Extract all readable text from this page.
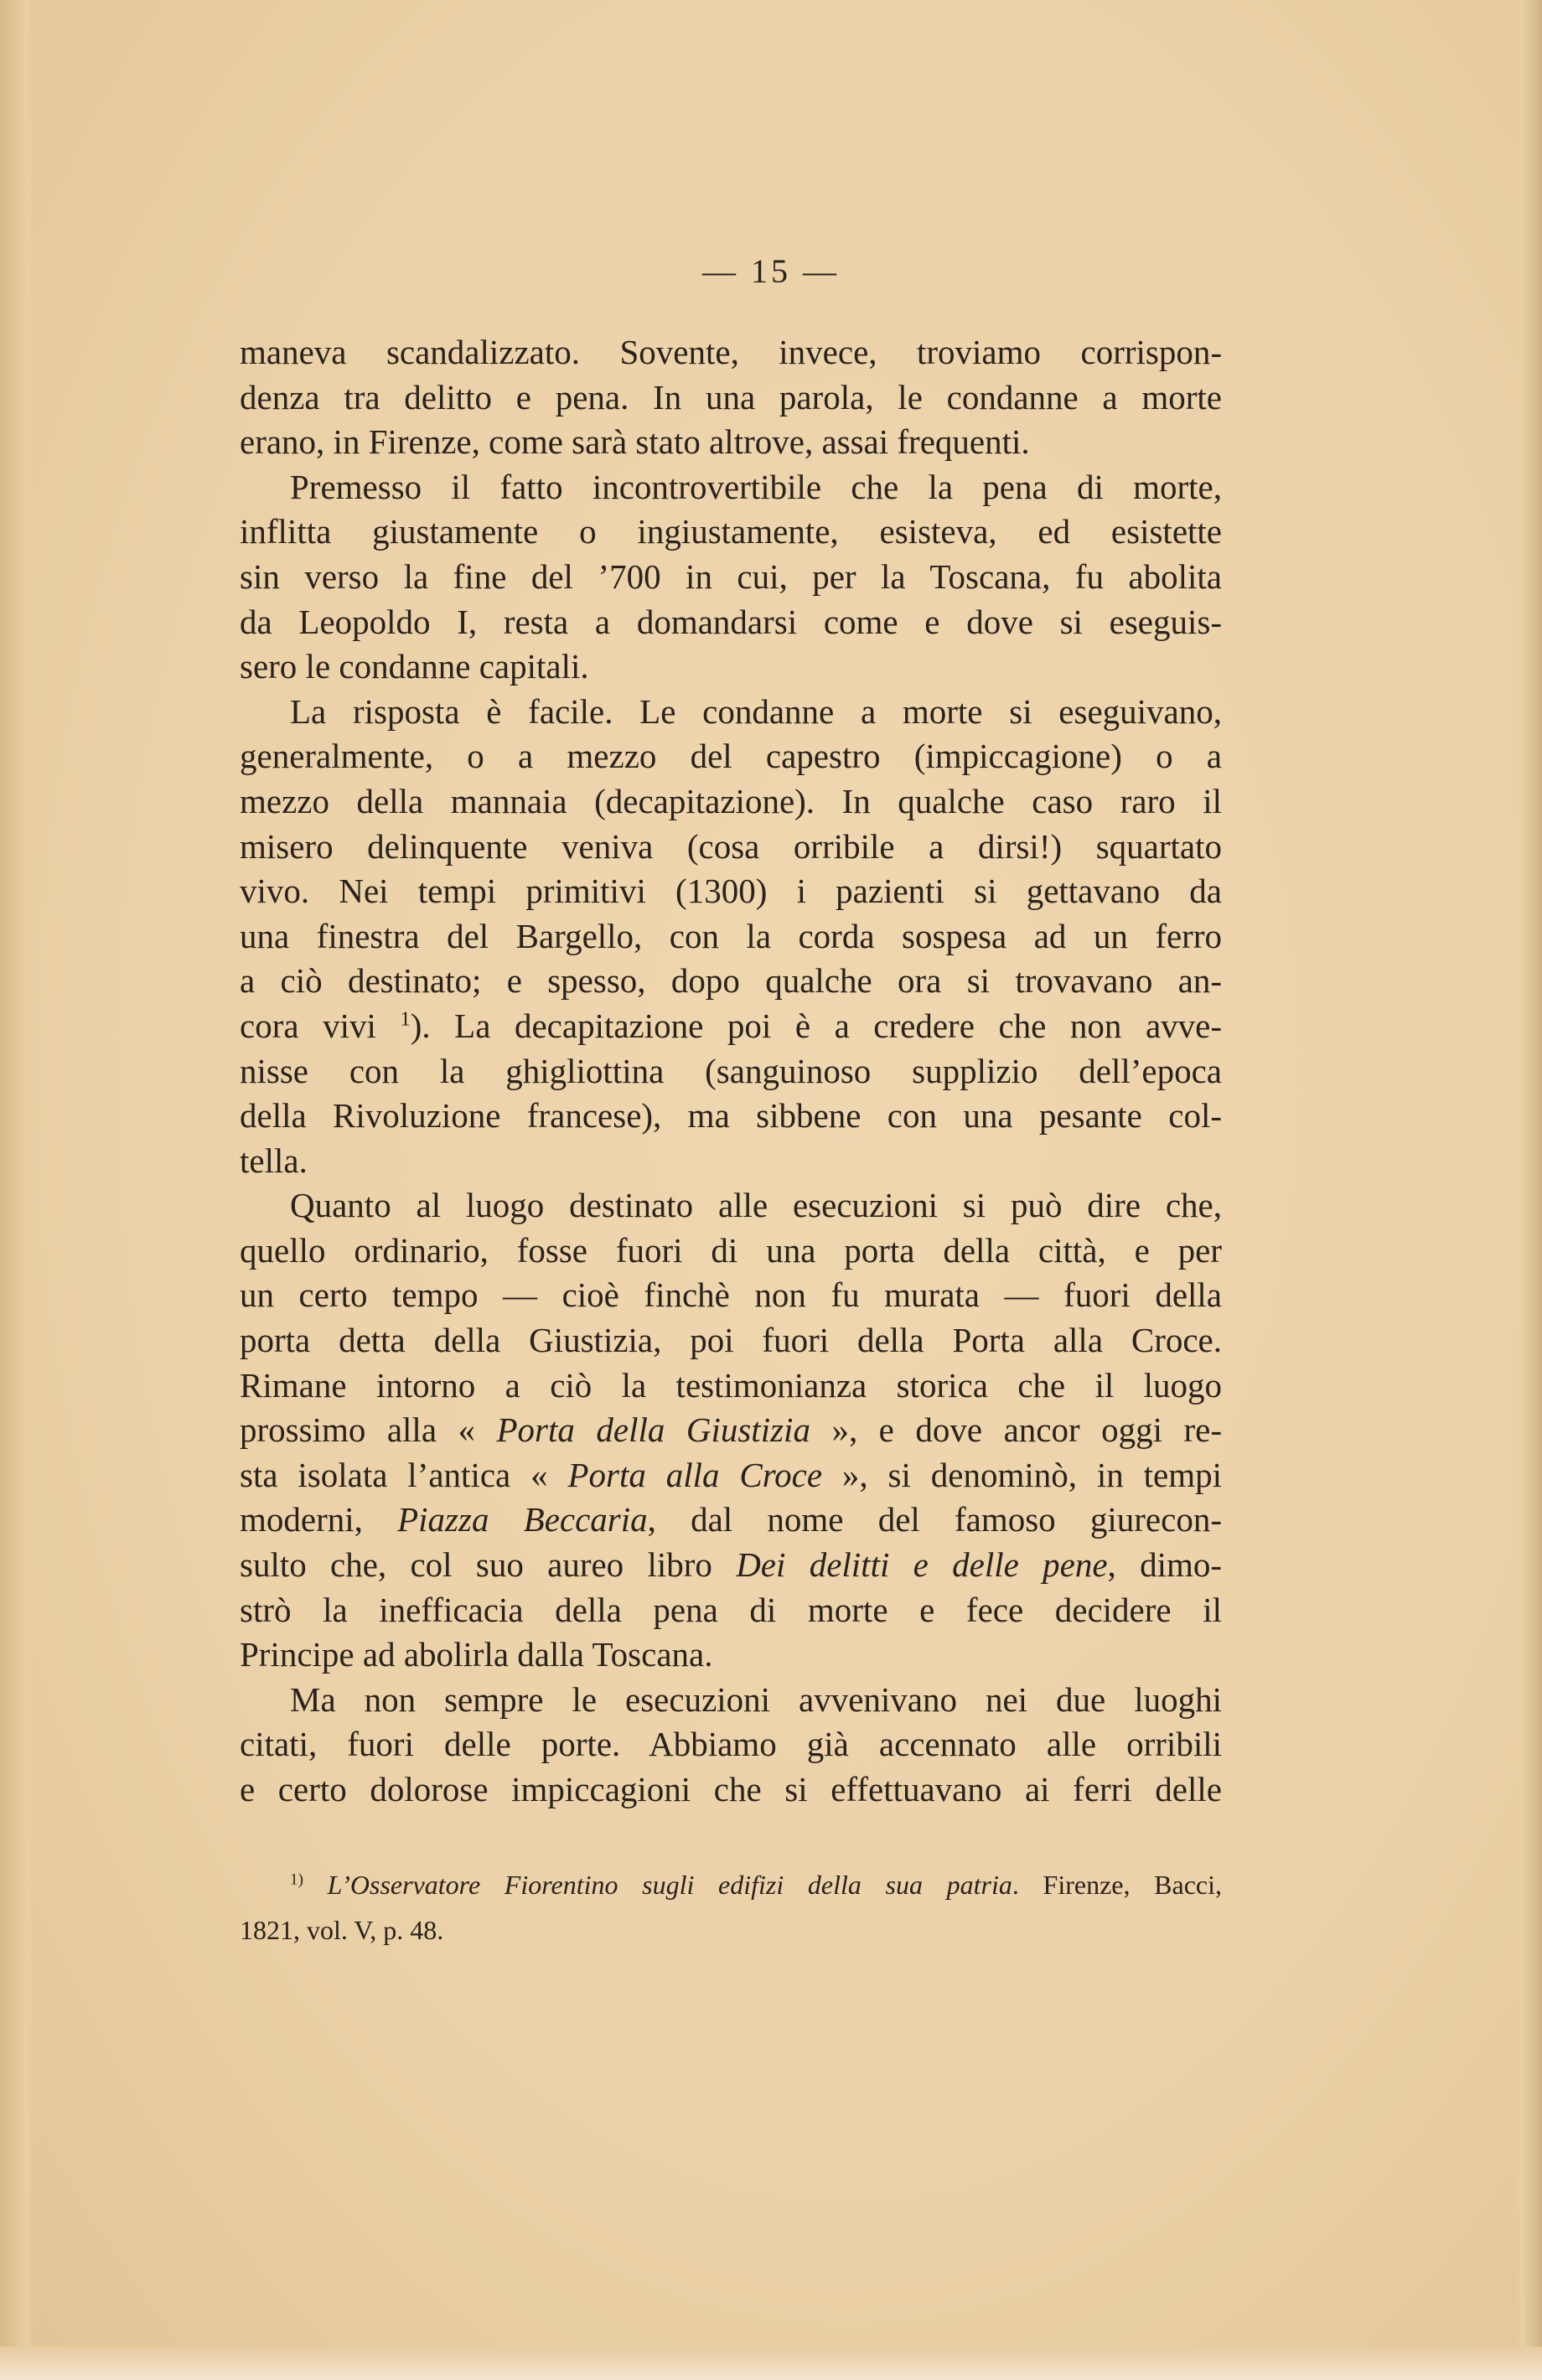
— 15 —
maneva scandalizzato. Sovente, invece, troviamo corrispon-
denza tra delitto e pena. In una parola, le condanne a morte
erano, in Firenze, come sarà stato altrove, assai frequenti.
Premesso il fatto incontrovertibile che la pena di morte,
inflitta giustamente o ingiustamente, esisteva, ed esistette
sin verso la fine del ’700 in cui, per la Toscana, fu abolita
da Leopoldo I, resta a domandarsi come e dove si eseguis-
sero le condanne capitali.
La risposta è facile. Le condanne a morte si eseguivano,
generalmente, o a mezzo del capestro (impiccagione) o a
mezzo della mannaia (decapitazione). In qualche caso raro il
misero delinquente veniva (cosa orribile a dirsi!) squartato
vivo. Nei tempi primitivi (1300) i pazienti si gettavano da
una finestra del Bargello, con la corda sospesa ad un ferro
a ciò destinato; e spesso, dopo qualche ora si trovavano an-
cora vivi $^1$). La decapitazione poi è a credere che non avve-
nisse con la ghigliottina (sanguinoso supplizio dell’epoca
della Rivoluzione francese), ma sibbene con una pesante col-
tella.
Quanto al luogo destinato alle esecuzioni si può dire che,
quello ordinario, fosse fuori di una porta della città, e per
un certo tempo — cioè finchè non fu murata — fuori della
porta detta della Giustizia, poi fuori della Porta alla Croce.
Rimane intorno a ciò la testimonianza storica che il luogo
prossimo alla « Porta della Giustizia », e dove ancor oggi re-
sta isolata l’antica « Porta alla Croce », si denominò, in tempi
moderni, Piazza Beccaria, dal nome del famoso giurecon-
sulto che, col suo aureo libro Dei delitti e delle pene, dimo-
strò la inefficacia della pena di morte e fece decidere il
Principe ad abolirla dalla Toscana.
Ma non sempre le esecuzioni avvenivano nei due luoghi
citati, fuori delle porte. Abbiamo già accennato alle orribili
e certo dolorose impiccagioni che si effettuavano ai ferri delle
$^{1)}$ L’Osservatore Fiorentino sugli edifizi della sua patria. Firenze, Bacci,
1821, vol. V, p. 48.
